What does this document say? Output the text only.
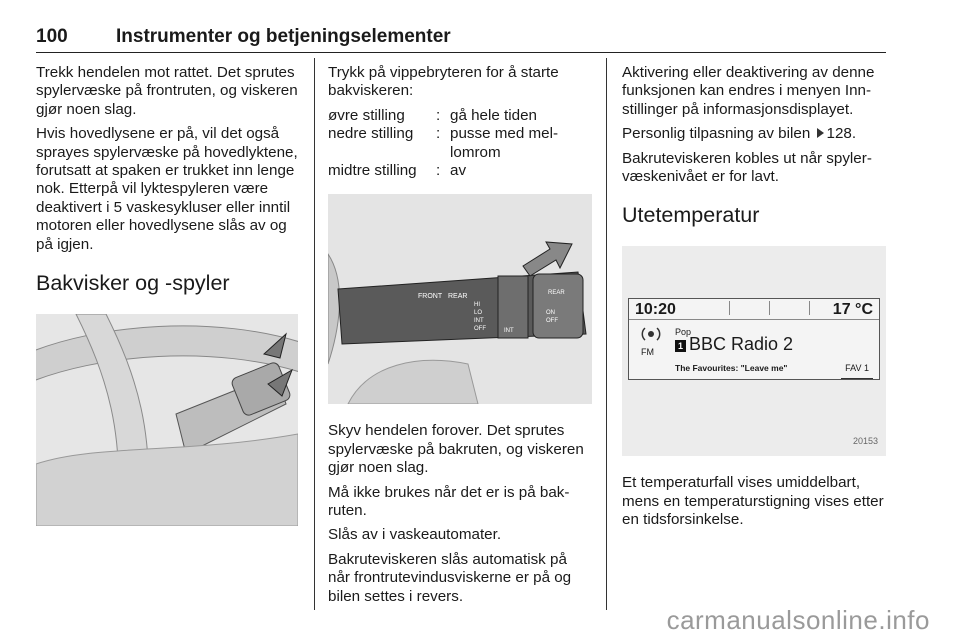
100	Instrumenter og betjeningselementer

Trekk hendelen mot rattet. Det sprutes spylervæske på frontruten, og viskeren gjør noen slag.

Hvis hovedlysene er på, vil det også sprayes spylervæske på hovedlyktene, forutsatt at spaken er trukket inn lenge nok. Etterpå vil lyktespyleren være deaktivert i 5 vaskesykluser eller inntil motoren eller hovedlysene slås av og på igjen.

Bakvisker og -spyler

Trykk på vippebryteren for å starte bakviskeren:

øvre stilling	: gå hele tiden
nedre stilling	: pusse med mellomrom
midtre stilling	: av
FRONT REAR
HI
LO
INT
OFF	INT
ON
OFF
REAR

Skyv hendelen forover. Det sprutes spylervæske på bakruten, og viskeren gjør noen slag.

Må ikke brukes når det er is på bakruten.

Slås av i vaskeautomater.

Bakruteviskeren slås automatisk på når frontrutevindusviskerne er på og bilen settes i revers.

Aktivering eller deaktivering av denne funksjonen kan endres i menyen Innstillinger på informasjonsdisplayet.

Personlig tilpasning av bilen 128.

Bakruteviskeren kobles ut når spylervæskenivået er for lavt.

Utetemperatur
10:20	17 °C
FM
Pop
1 BBC Radio 2
The Favourites: "Leave me"	FAV 1
20153

Et temperaturfall vises umiddelbart, mens en temperaturstigning vises etter en tidsforsinkelse.

carmanualsonline.info
